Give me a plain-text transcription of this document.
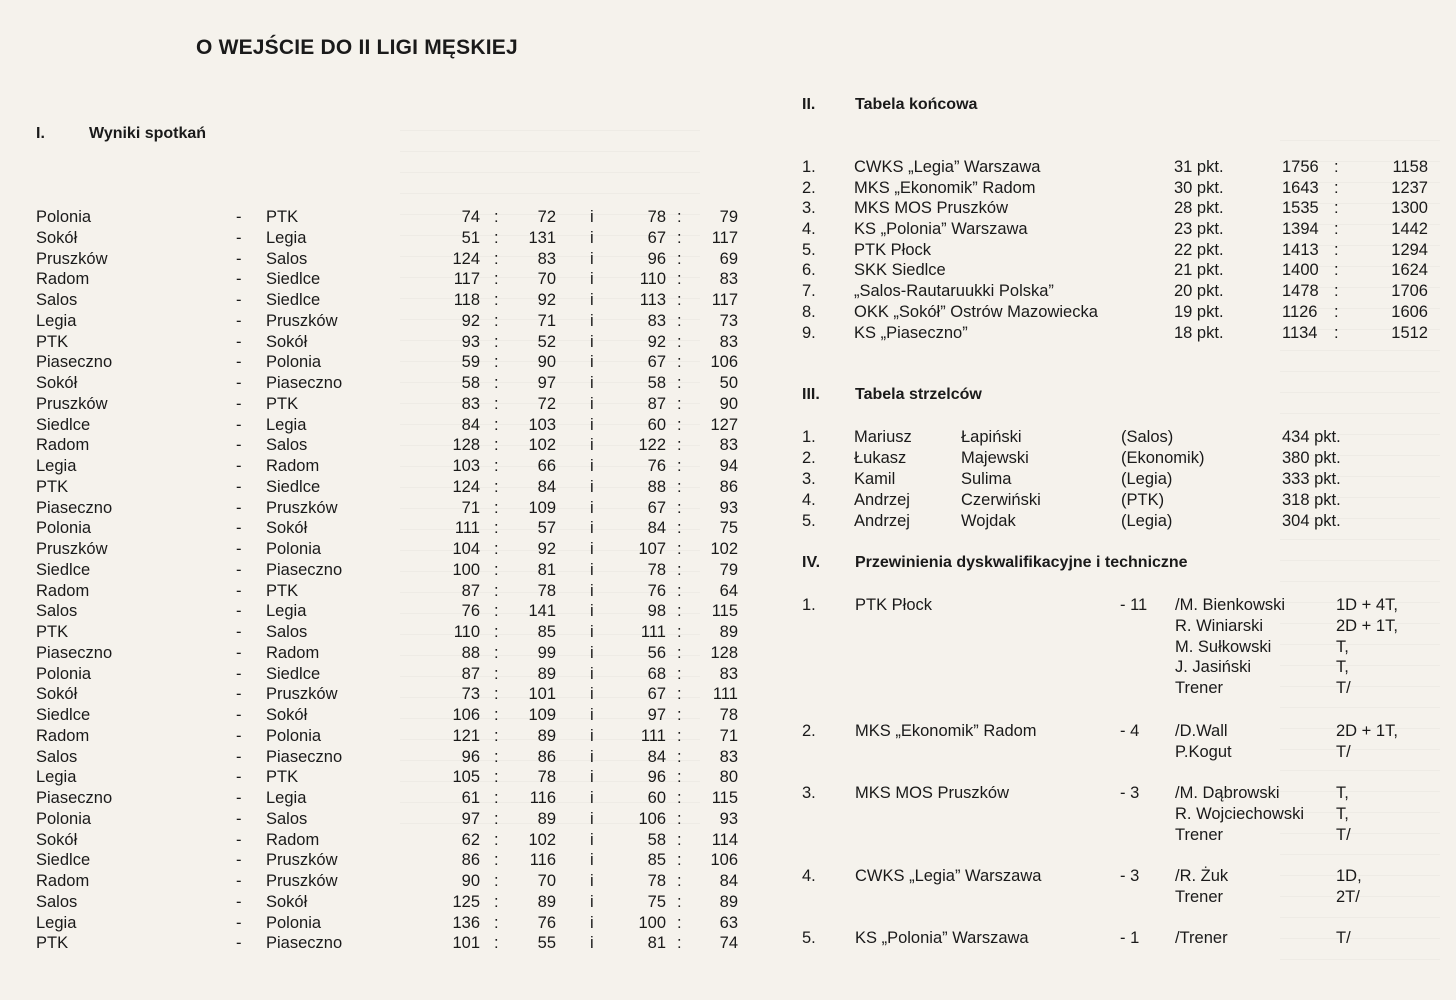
O WEJŚCIE DO II LIGI MĘSKIEJ
I.	Wyniki spotkań
Polonia	- PTK	74 : 72 i	78 : 79
Sokół	- Legia	51 : 131 i	67 : 117
Pruszków	- Salos	124 : 83 i	96 : 69
Radom	- Siedlce	117 : 70 i	110 : 83
Salos	- Siedlce	118 : 92 i	113 : 117
Legia	- Pruszków	92 : 71 i	83 : 73
PTK	- Sokół	93 : 52 i	92 : 83
Piaseczno	- Polonia	59 : 90 i	67 : 106
Sokół	- Piaseczno	58 : 97 i	58 : 50
Pruszków	- PTK	83 : 72 i	87 : 90
Siedlce	- Legia	84 : 103 i	60 : 127
Radom	- Salos	128 : 102 i	122 : 83
Legia	- Radom	103 : 66 i	76 : 94
PTK	- Siedlce	124 : 84 i	88 : 86
Piaseczno	- Pruszków	71 : 109 i	67 : 93
Polonia	- Sokół	111 : 57 i	84 : 75
Pruszków	- Polonia	104 : 92 i	107 : 102
Siedlce	- Piaseczno	100 : 81 i	78 : 79
Radom	- PTK	87 : 78 i	76 : 64
Salos	- Legia	76 : 141 i	98 : 115
PTK	- Salos	110 : 85 i	111 : 89
Piaseczno	- Radom	88 : 99 i	56 : 128
Polonia	- Siedlce	87 : 89 i	68 : 83
Sokół	- Pruszków	73 : 101 i	67 : 111
Siedlce	- Sokół	106 : 109 i	97 : 78
Radom	- Polonia	121 : 89 i	111 : 71
Salos	- Piaseczno	96 : 86 i	84 : 83
Legia	- PTK	105 : 78 i	96 : 80
Piaseczno	- Legia	61 : 116 i	60 : 115
Polonia	- Salos	97 : 89 i	106 : 93
Sokół	- Radom	62 : 102 i	58 : 114
Siedlce	- Pruszków	86 : 116 i	85 : 106
Radom	- Pruszków	90 : 70 i	78 : 84
Salos	- Sokół	125 : 89 i	75 : 89
Legia	- Polonia	136 : 76 i	100 : 63
PTK	- Piaseczno	101 : 55 i	81 : 74
II. Tabela końcowa
1. CWKS „Legia” Warszawa	31 pkt.	1756 :	1158
2. MKS „Ekonomik” Radom	30 pkt.	1643 :	1237
3. MKS MOS Pruszków	28 pkt.	1535 :	1300
4. KS „Polonia” Warszawa	23 pkt.	1394 :	1442
5. PTK Płock	22 pkt.	1413 :	1294
6. SKK Siedlce	21 pkt.	1400 :	1624
7. „Salos-Rautaruukki Polska”	20 pkt.	1478 :	1706
8. OKK „Sokół” Ostrów Mazowiecka	19 pkt.	1126 :	1606
9. KS „Piaseczno”	18 pkt.	1134 :	1512
III. Tabela strzelców
1. Mariusz	Łapiński	(Salos)	434 pkt.
2. Łukasz	Majewski	(Ekonomik)	380 pkt.
3. Kamil	Sulima	(Legia)	333 pkt.
4. Andrzej	Czerwiński	(PTK)	318 pkt.
5. Andrzej	Wojdak	(Legia)	304 pkt.
IV. Przewinienia dyskwalifikacyjne i techniczne
1. PTK Płock	- 11 /M. Bienkowski	1D + 4T,
R. Winiarski	2D + 1T,
M. Sułkowski	T,
J. Jasiński	T,
Trener	T/
2. MKS „Ekonomik” Radom	- 4 /D.Wall	2D + 1T,
P.Kogut	T/
3. MKS MOS Pruszków	- 3 /M. Dąbrowski	T,
R. Wojciechowski T,
Trener	T/
4. CWKS „Legia” Warszawa	- 3 /R. Żuk	1D,
Trener	2T/
5. KS „Polonia” Warszawa	- 1 /Trener	T/
